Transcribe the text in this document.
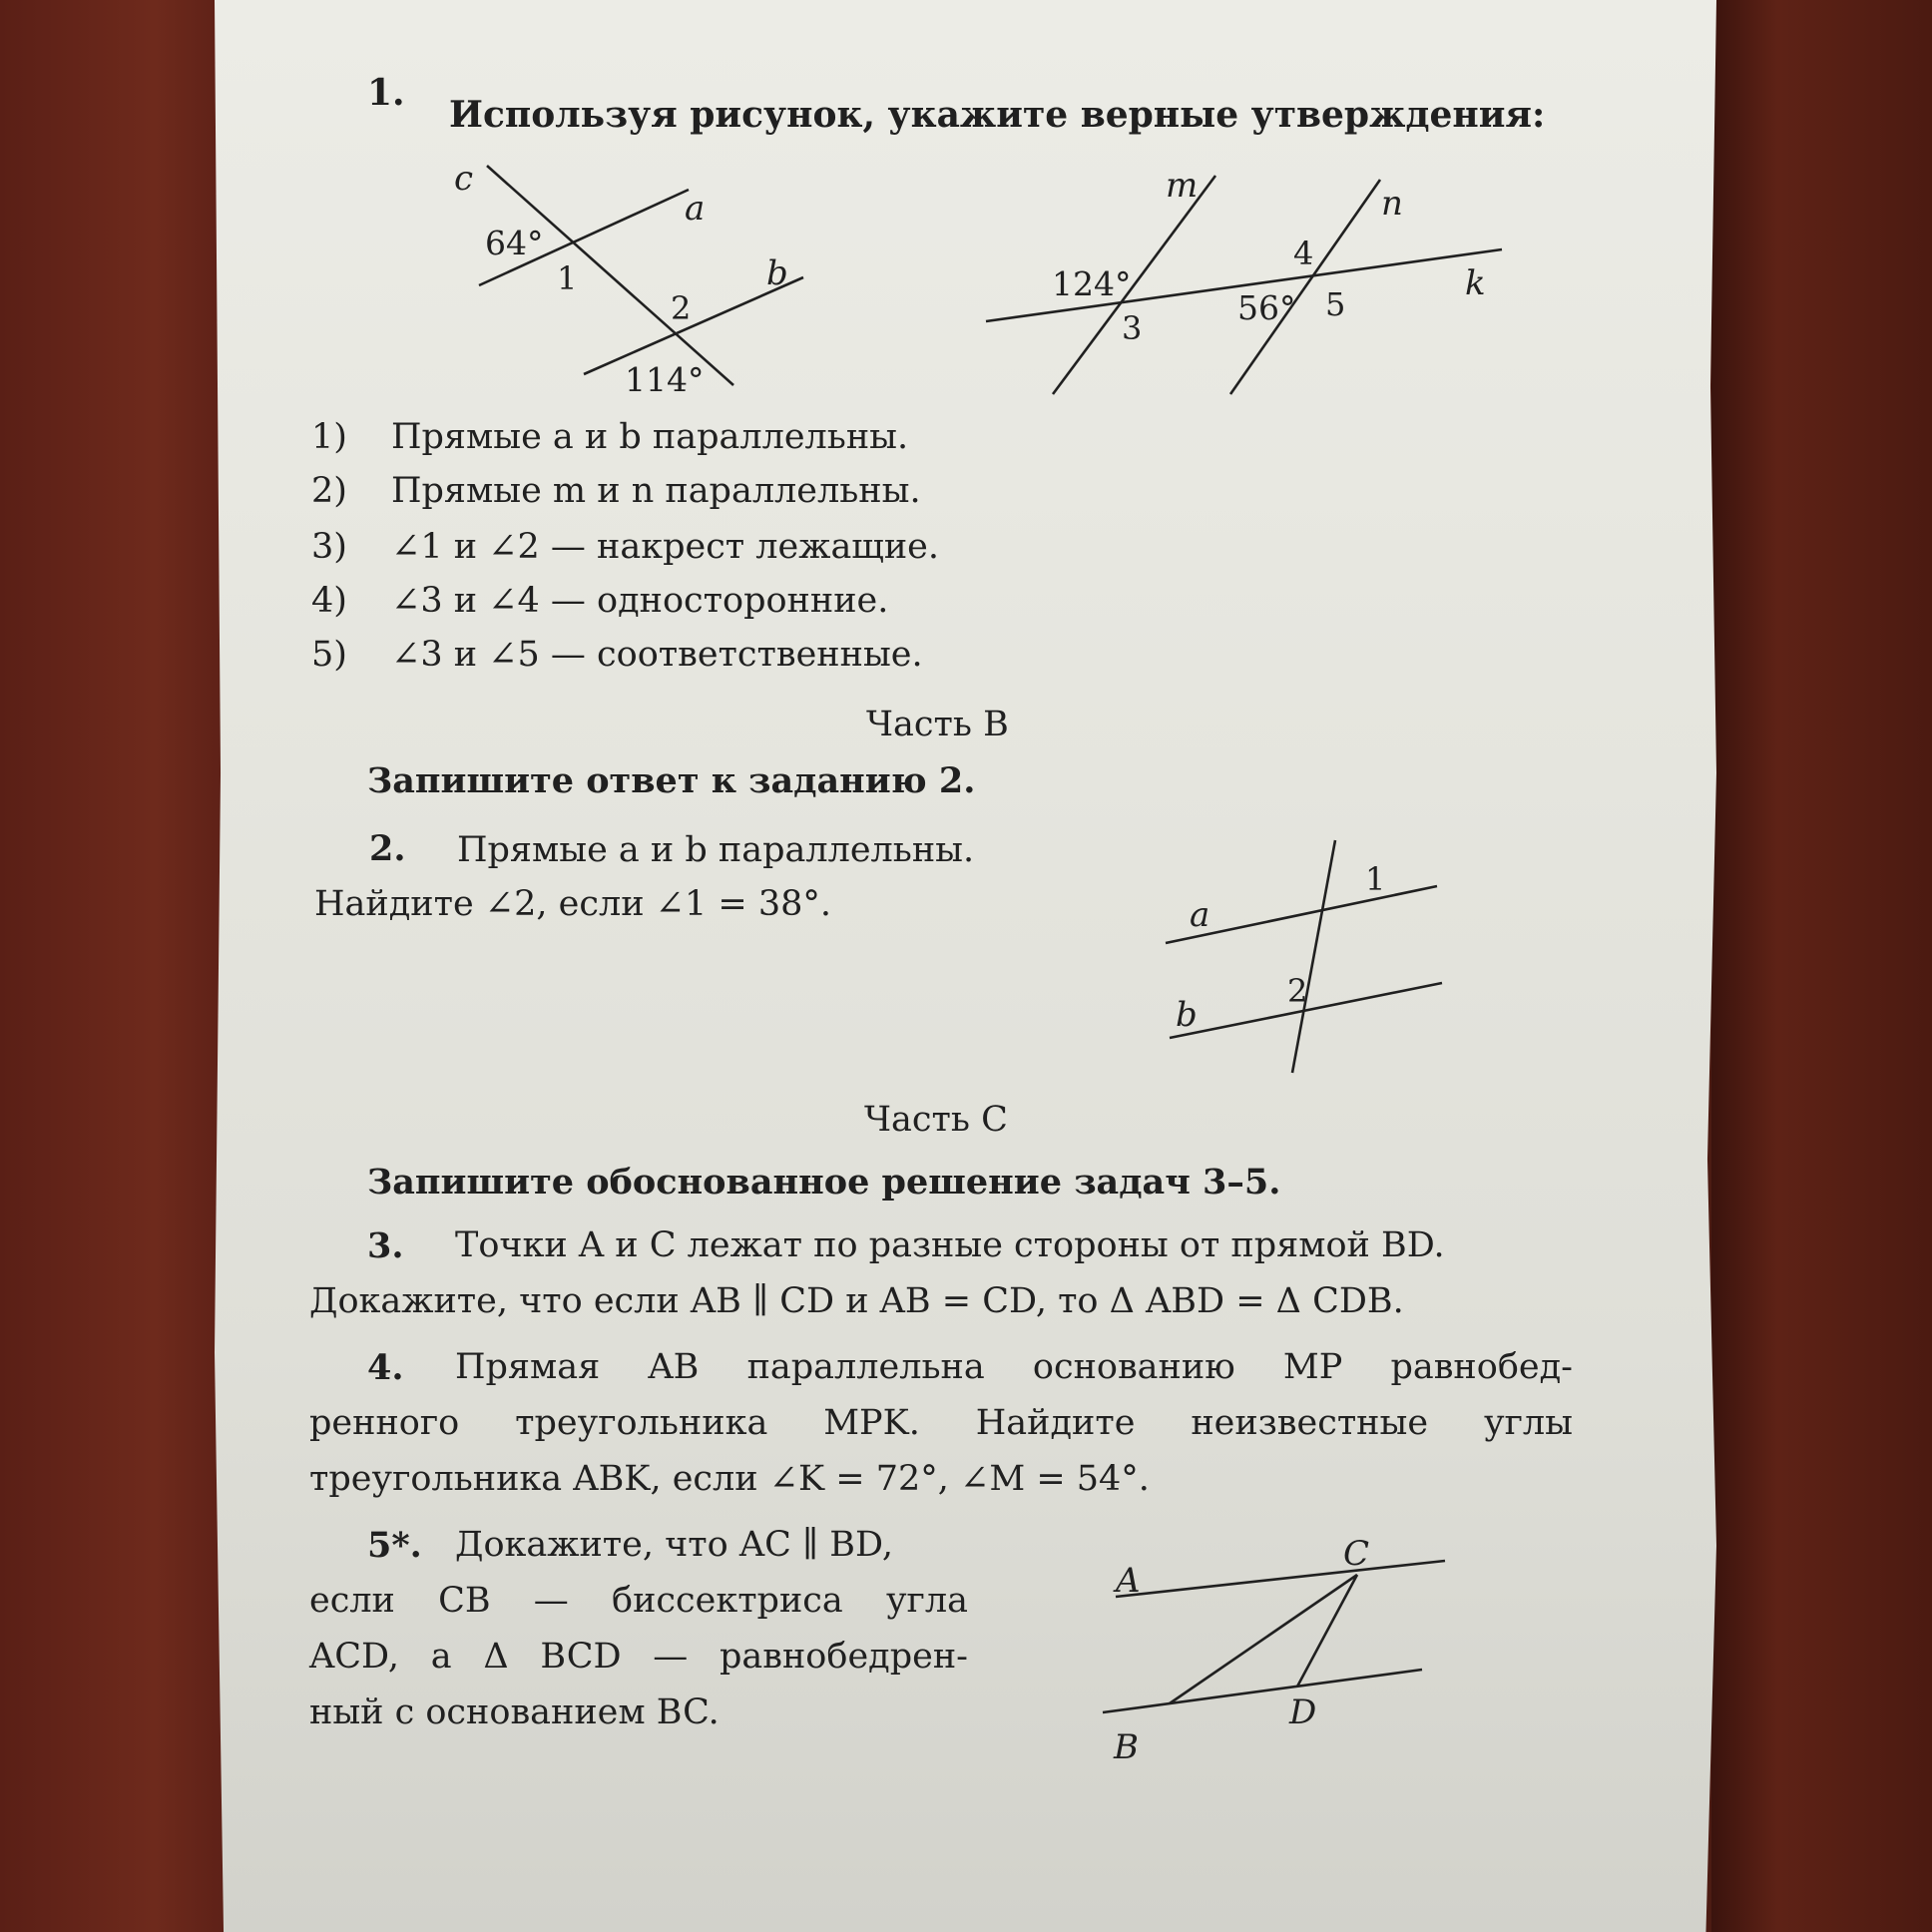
1.
Используя рисунок, укажите верные утверждения:
c
a
b
64°
1
2
114°
m	n
k
124°
3
4
56° 5
1) Прямые a и b параллельны.
2) Прямые m и n параллельны.
3) ∠1 и ∠2 — накрест лежащие.
4) ∠3 и ∠4 — односторонние.
5) ∠3 и ∠5 — соответственные.
Часть В
Запишите ответ к заданию 2.
2. Прямые a и b параллельны.
Найдите ∠2, если ∠1 = 38°.	a
b
1
2
Часть С
Запишите обоснованное решение задач 3–5.
3. Точки A и C лежат по разные стороны от прямой BD.
Докажите, что если AB ∥ CD и AB = CD, то Δ ABD = Δ CDB.
4. Прямая AB параллельна основанию MP равнобед-
ренного треугольника MPK. Найдите неизвестные углы
треугольника ABK, если ∠K = 72°, ∠M = 54°.
5*. Докажите, что AC ∥ BD,
если CB — биссектриса угла
ACD, а Δ BCD — равнобедрен-
ный с основанием BC.
A
C
B
D
